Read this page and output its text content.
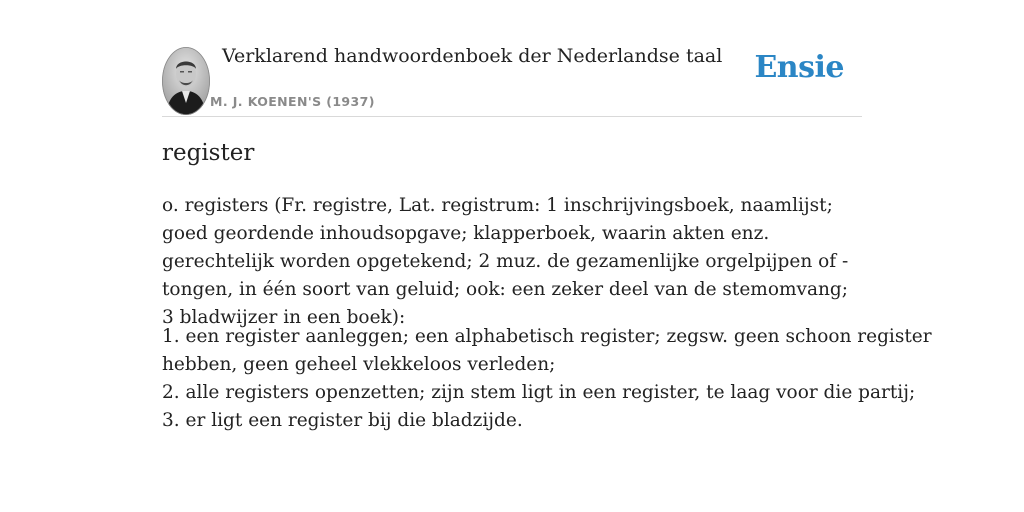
Verklarend handwoordenboek der Nederlandse taal
M. J. KOENEN'S (1937)
Ensie
register

o. registers (Fr. registre, Lat. registrum: 1 inschrijvingsboek, naamlijst; goed geordende inhoudsopgave; klapperboek, waarin akten enz. gerechtelijk worden opgetekend; 2 muz. de gezamenlijke orgelpijpen of -tongen, in één soort van geluid; ook: een zeker deel van de stemomvang; 3 bladwijzer in een boek):

1. een register aanleggen; een alphabetisch register; zegsw. geen schoon register
hebben, geen geheel vlekkeloos verleden;
2. alle registers openzetten; zijn stem ligt in een register, te laag voor die partij;
3. er ligt een register bij die bladzijde.
